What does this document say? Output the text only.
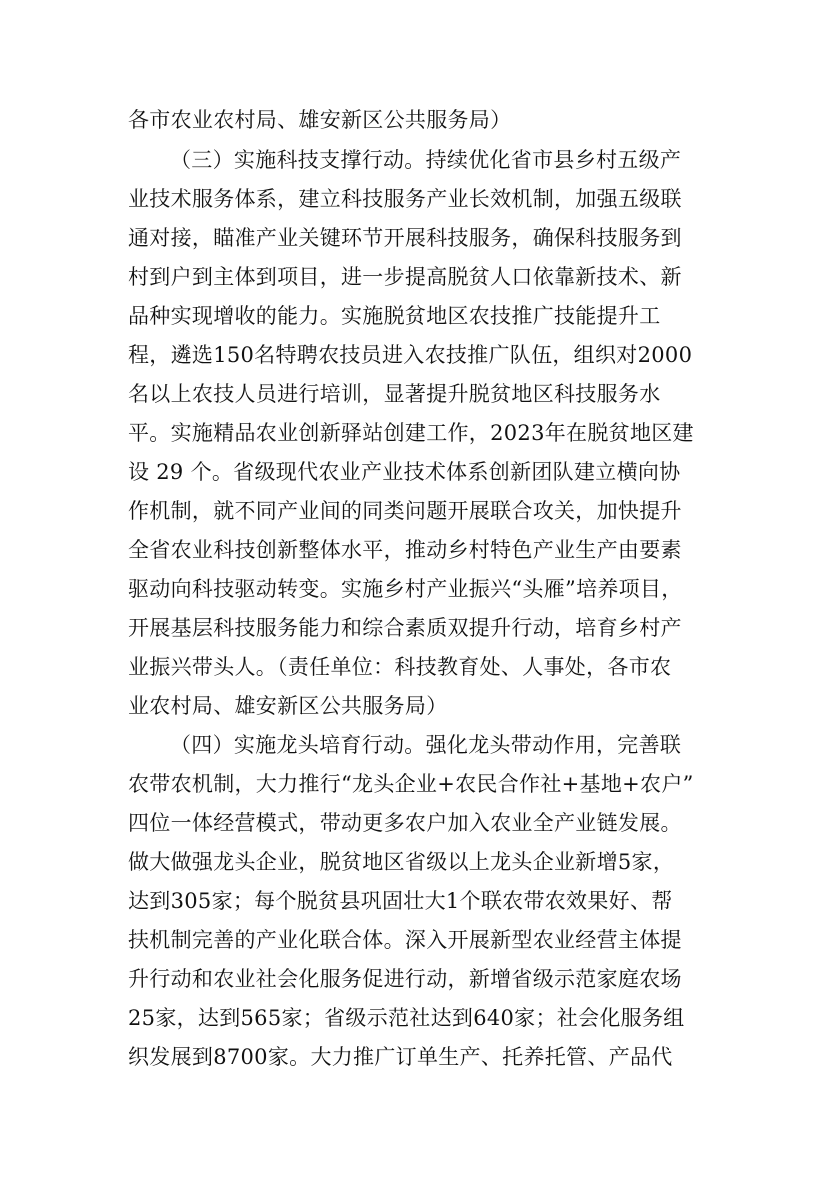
各市农业农村局、雄安新区公共服务局）
（三）实施科技支撑行动。持续优化省市县乡村五级产
业技术服务体系，建立科技服务产业长效机制，加强五级联
通对接，瞄准产业关键环节开展科技服务，确保科技服务到
村到户到主体到项目，进一步提高脱贫人口依靠新技术、新
品种实现增收的能力。实施脱贫地区农技推广技能提升工
程，遴选150名特聘农技员进入农技推广队伍，组织对2000
名以上农技人员进行培训，显著提升脱贫地区科技服务水
平。实施精品农业创新驿站创建工作，2023年在脱贫地区建
设 29 个。省级现代农业产业技术体系创新团队建立横向协
作机制，就不同产业间的同类问题开展联合攻关，加快提升
全省农业科技创新整体水平，推动乡村特色产业生产由要素
驱动向科技驱动转变。实施乡村产业振兴“头雁”培养项目，
开展基层科技服务能力和综合素质双提升行动，培育乡村产
业振兴带头人。（责任单位：科技教育处、人事处，各市农
业农村局、雄安新区公共服务局）
（四）实施龙头培育行动。强化龙头带动作用，完善联
农带农机制，大力推行“龙头企业+农民合作社+基地+农户”
四位一体经营模式，带动更多农户加入农业全产业链发展。
做大做强龙头企业，脱贫地区省级以上龙头企业新增5家，
达到305家；每个脱贫县巩固壮大1个联农带农效果好、帮
扶机制完善的产业化联合体。深入开展新型农业经营主体提
升行动和农业社会化服务促进行动，新增省级示范家庭农场
25家，达到565家；省级示范社达到640家；社会化服务组
织发展到8700家。大力推广订单生产、托养托管、产品代
